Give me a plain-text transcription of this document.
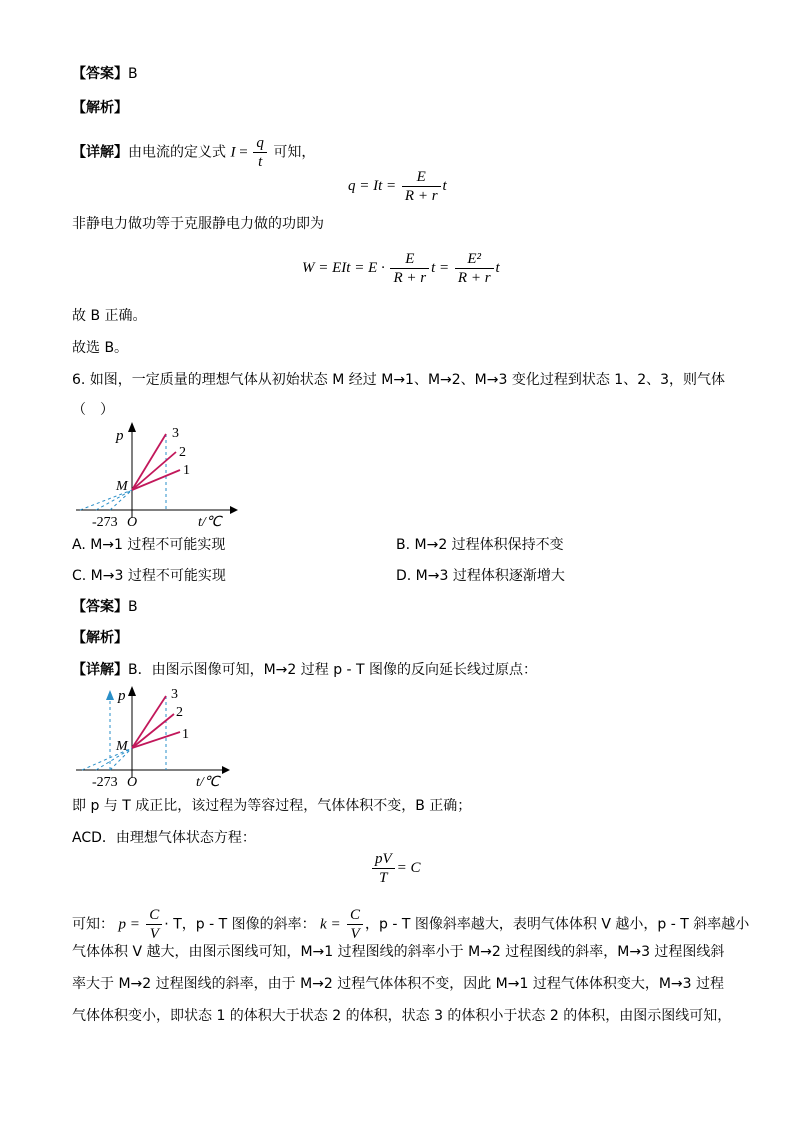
【答案】B
【解析】
【详解】由电流的定义式 $I = \frac{q}{t}$ 可知，
$q = It = \frac{E}{R + r}$ t
非静电力做功等于克服静电力做的功即为
W = EIt = $E \cdot \frac{E}{R + r}$ $t = \frac{\text{E²}}{R + r}$ t
故 B 正确。
故选 B。
6. 如图，一定质量的理想气体从初始状态 M 经过 M→1、M→2、M→3 变化过程到状态 1、2、3，则气体
（　）
p
t/℃
-273 O
M
1
2
3
A. M→1 过程不可能实现	B. M→2 过程体积保持不变
C. M→3 过程不可能实现	D. M→3 过程体积逐渐增大
【答案】B
【解析】
【详解】B．由图示图像可知，M→2 过程 p - T 图像的反向延长线过原点：
p
t/℃
-273 O
M
1
2
3
即 p 与 T 成正比，该过程为等容过程，气体体积不变，B 正确；
ACD．由理想气体状态方程：
$\frac{pV}{T} = C$
可知： $p = \frac{C}{V} \cdot T$，p - T 图像的斜率： $k = \frac{C}{V}$ ，p - T 图像斜率越大，表明气体体积 V 越小，p - T 斜率越小
气体体积 V 越大，由图示图线可知，M→1 过程图线的斜率小于 M→2 过程图线的斜率，M→3 过程图线斜
率大于 M→2 过程图线的斜率，由于 M→2 过程气体体积不变，因此 M→1 过程气体体积变大，M→3 过程
气体体积变小，即状态 1 的体积大于状态 2 的体积，状态 3 的体积小于状态 2 的体积，由图示图线可知，
